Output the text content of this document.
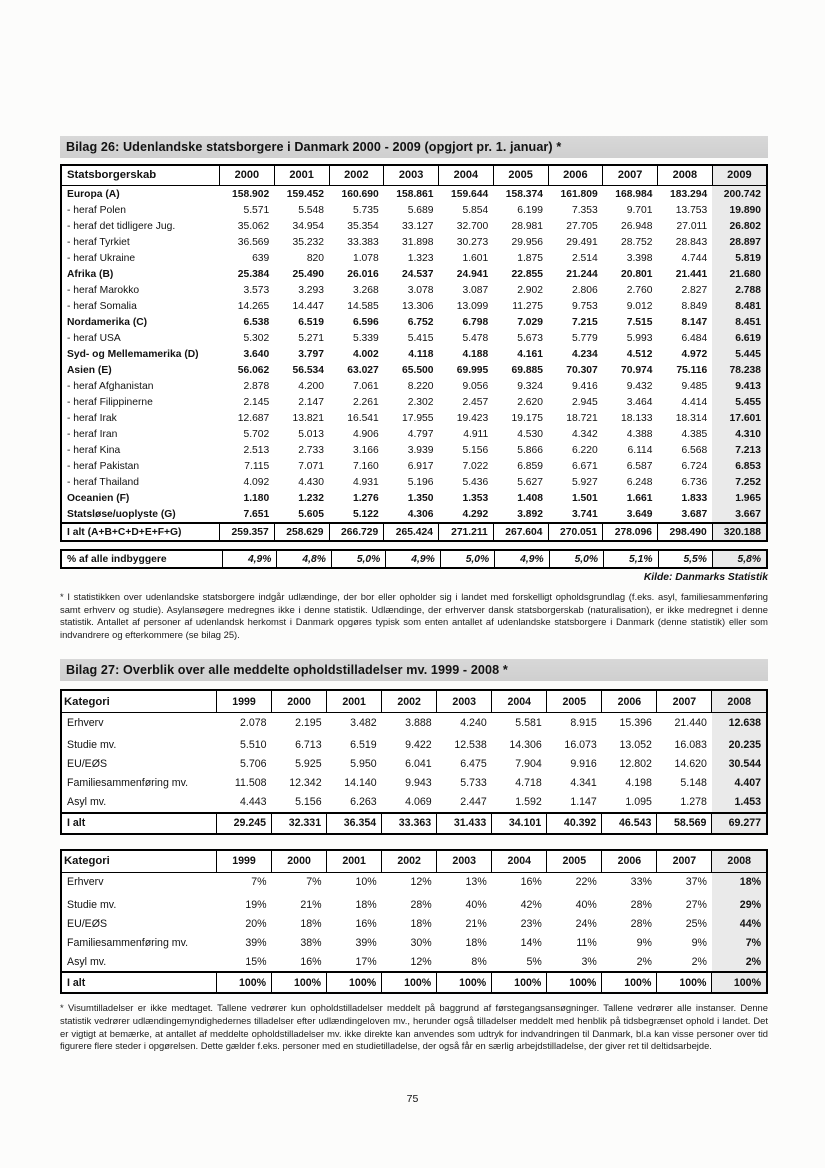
Bilag 26: Udenlandske statsborgere i Danmark 2000 - 2009 (opgjort pr. 1. januar) *
Statsborgerskab	2000	2001	2002	2003	2004	2005	2006	2007	2008	2009
Europa (A)	158.902	159.452	160.690	158.861	159.644	158.374	161.809	168.984	183.294	200.742
- heraf Polen	5.571	5.548	5.735	5.689	5.854	6.199	7.353	9.701	13.753	19.890
- heraf det tidligere Jug.	35.062	34.954	35.354	33.127	32.700	28.981	27.705	26.948	27.011	26.802
- heraf Tyrkiet	36.569	35.232	33.383	31.898	30.273	29.956	29.491	28.752	28.843	28.897
- heraf Ukraine	639	820	1.078	1.323	1.601	1.875	2.514	3.398	4.744	5.819
Afrika (B)	25.384	25.490	26.016	24.537	24.941	22.855	21.244	20.801	21.441	21.680
- heraf Marokko	3.573	3.293	3.268	3.078	3.087	2.902	2.806	2.760	2.827	2.788
- heraf Somalia	14.265	14.447	14.585	13.306	13.099	11.275	9.753	9.012	8.849	8.481
Nordamerika (C)	6.538	6.519	6.596	6.752	6.798	7.029	7.215	7.515	8.147	8.451
- heraf USA	5.302	5.271	5.339	5.415	5.478	5.673	5.779	5.993	6.484	6.619
Syd- og Mellemamerika (D)	3.640	3.797	4.002	4.118	4.188	4.161	4.234	4.512	4.972	5.445
Asien (E)	56.062	56.534	63.027	65.500	69.995	69.885	70.307	70.974	75.116	78.238
- heraf Afghanistan	2.878	4.200	7.061	8.220	9.056	9.324	9.416	9.432	9.485	9.413
- heraf Filippinerne	2.145	2.147	2.261	2.302	2.457	2.620	2.945	3.464	4.414	5.455
- heraf Irak	12.687	13.821	16.541	17.955	19.423	19.175	18.721	18.133	18.314	17.601
- heraf Iran	5.702	5.013	4.906	4.797	4.911	4.530	4.342	4.388	4.385	4.310
- heraf Kina	2.513	2.733	3.166	3.939	5.156	5.866	6.220	6.114	6.568	7.213
- heraf Pakistan	7.115	7.071	7.160	6.917	7.022	6.859	6.671	6.587	6.724	6.853
- heraf Thailand	4.092	4.430	4.931	5.196	5.436	5.627	5.927	6.248	6.736	7.252
Oceanien (F)	1.180	1.232	1.276	1.350	1.353	1.408	1.501	1.661	1.833	1.965
Statsløse/uoplyste (G)	7.651	5.605	5.122	4.306	4.292	3.892	3.741	3.649	3.687	3.667
I alt (A+B+C+D+E+F+G)	259.357	258.629	266.729	265.424	271.211	267.604	270.051	278.096	298.490	320.188
% af alle indbyggere	4,9%	4,8%	5,0%	4,9%	5,0%	4,9%	5,0%	5,1%	5,5%	5,8%
Kilde: Danmarks Statistik
* I statistikken over udenlandske statsborgere indgår udlændinge, der bor eller opholder sig i landet med forskelligt opholdsgrundlag (f.eks. asyl, familiesammenføring samt erhverv og studie). Asylansøgere medregnes ikke i denne statistik. Udlændinge, der erhverver dansk statsborgerskab (naturalisation), er ikke medregnet i denne statistik. Antallet af personer af udenlandsk herkomst i Danmark opgøres typisk som enten antallet af udenlandske statsborgere i Danmark (denne statistik) eller som indvandrere og efterkommere (se bilag 25).
Bilag 27: Overblik over alle meddelte opholdstilladelser mv. 1999 - 2008 *
Kategori	1999	2000	2001	2002	2003	2004	2005	2006	2007	2008
Erhverv	2.078	2.195	3.482	3.888	4.240	5.581	8.915	15.396	21.440	12.638
Studie mv.	5.510	6.713	6.519	9.422	12.538	14.306	16.073	13.052	16.083	20.235
EU/EØS	5.706	5.925	5.950	6.041	6.475	7.904	9.916	12.802	14.620	30.544
Familiesammenføring mv.	11.508	12.342	14.140	9.943	5.733	4.718	4.341	4.198	5.148	4.407
Asyl mv.	4.443	5.156	6.263	4.069	2.447	1.592	1.147	1.095	1.278	1.453
I alt	29.245	32.331	36.354	33.363	31.433	34.101	40.392	46.543	58.569	69.277
Kategori	1999	2000	2001	2002	2003	2004	2005	2006	2007	2008
Erhverv	7%	7%	10%	12%	13%	16%	22%	33%	37%	18%
Studie mv.	19%	21%	18%	28%	40%	42%	40%	28%	27%	29%
EU/EØS	20%	18%	16%	18%	21%	23%	24%	28%	25%	44%
Familiesammenføring mv.	39%	38%	39%	30%	18%	14%	11%	9%	9%	7%
Asyl mv.	15%	16%	17%	12%	8%	5%	3%	2%	2%	2%
I alt	100%	100%	100%	100%	100%	100%	100%	100%	100%	100%
* Visumtilladelser er ikke medtaget. Tallene vedrører kun opholdstilladelser meddelt på baggrund af førstegangsansøgninger. Tallene vedrører alle instanser. Denne statistik vedrører udlændingemyndighedernes tilladelser efter udlændingeloven mv., herunder også tilladelser meddelt med henblik på tidsbegrænset ophold i landet. Det er vigtigt at bemærke, at antallet af meddelte opholdstilladelser mv. ikke direkte kan anvendes som udtryk for indvandringen til Danmark, bl.a kan visse personer over tid figurere flere steder i opgørelsen. Dette gælder f.eks. personer med en studietilladelse, der også får en særlig arbejdstilladelse, der giver ret til deltidsarbejde.
75
